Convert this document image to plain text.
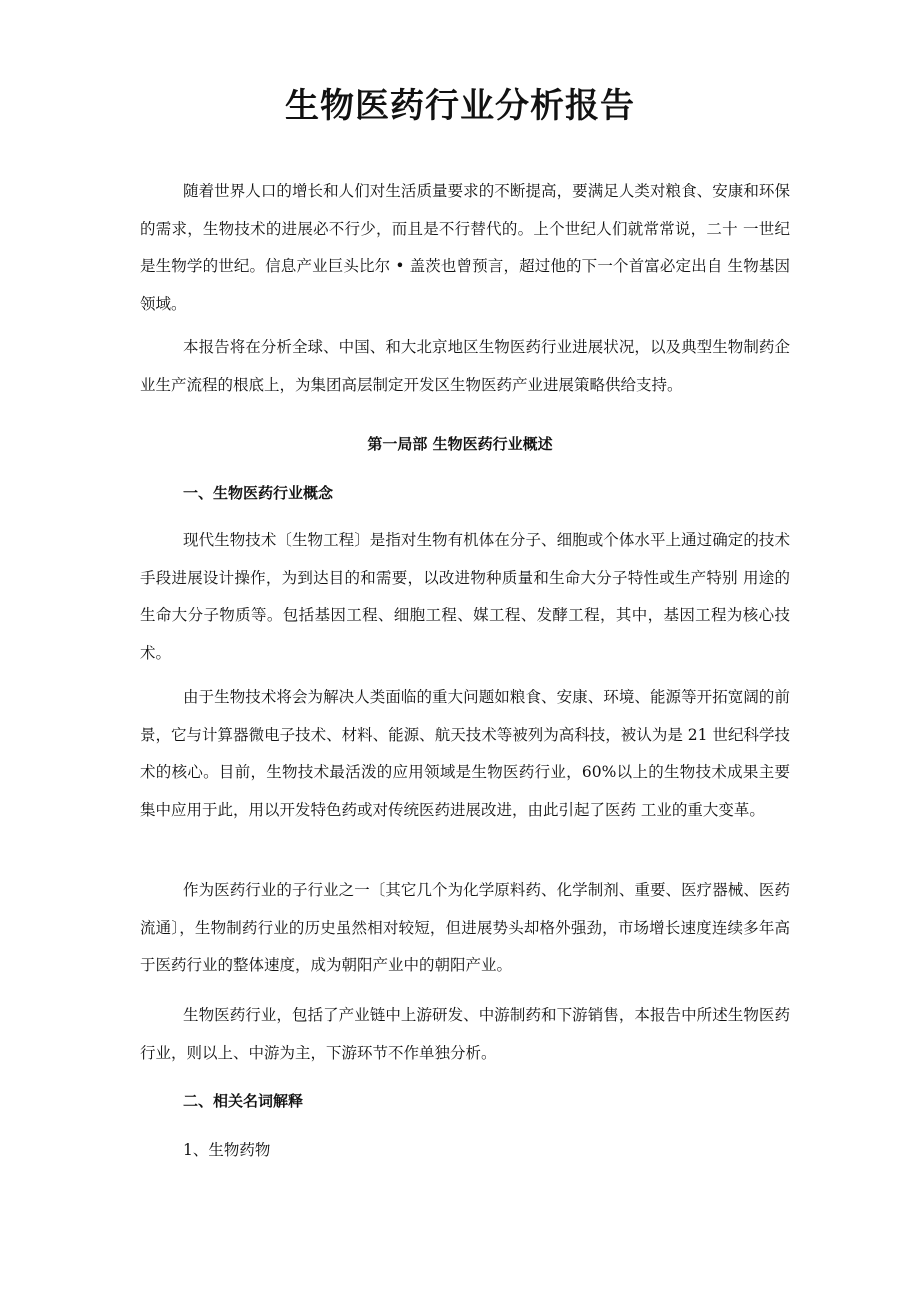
生物医药行业分析报告

随着世界人口的增长和人们对生活质量要求的不断提高，要满足人类对粮食、安康和环保的需求，生物技术的进展必不行少，而且是不行替代的。上个世纪人们就常常说，二十 一世纪是生物学的世纪。信息产业巨头比尔 • 盖茨也曾预言，超过他的下一个首富必定出自 生物基因领域。

本报告将在分析全球、中国、和大北京地区生物医药行业进展状况，以及典型生物制药企业生产流程的根底上，为集团高层制定开发区生物医药产业进展策略供给支持。

第一局部 生物医药行业概述
一、生物医药行业概念

现代生物技术〔生物工程〕是指对生物有机体在分子、细胞或个体水平上通过确定的技术手段进展设计操作，为到达目的和需要，以改进物种质量和生命大分子特性或生产特别 用途的生命大分子物质等。包括基因工程、细胞工程、媒工程、发酵工程，其中，基因工程为核心技术。

由于生物技术将会为解决人类面临的重大问题如粮食、安康、环境、能源等开拓宽阔的前景，它与计算器微电子技术、材料、能源、航天技术等被列为高科技，被认为是 21 世纪科学技术的核心。目前，生物技术最活泼的应用领域是生物医药行业，60%以上的生物技术成果主要集中应用于此，用以开发特色药或对传统医药进展改进，由此引起了医药 工业的重大变革。

作为医药行业的子行业之一〔其它几个为化学原料药、化学制剂、重要、医疗器械、医药流通〕，生物制药行业的历史虽然相对较短，但进展势头却格外强劲，市场增长速度连续多年高于医药行业的整体速度，成为朝阳产业中的朝阳产业。

生物医药行业，包括了产业链中上游研发、中游制药和下游销售，本报告中所述生物医药行业，则以上、中游为主，下游环节不作单独分析。

二、相关名词解释

1、生物药物
